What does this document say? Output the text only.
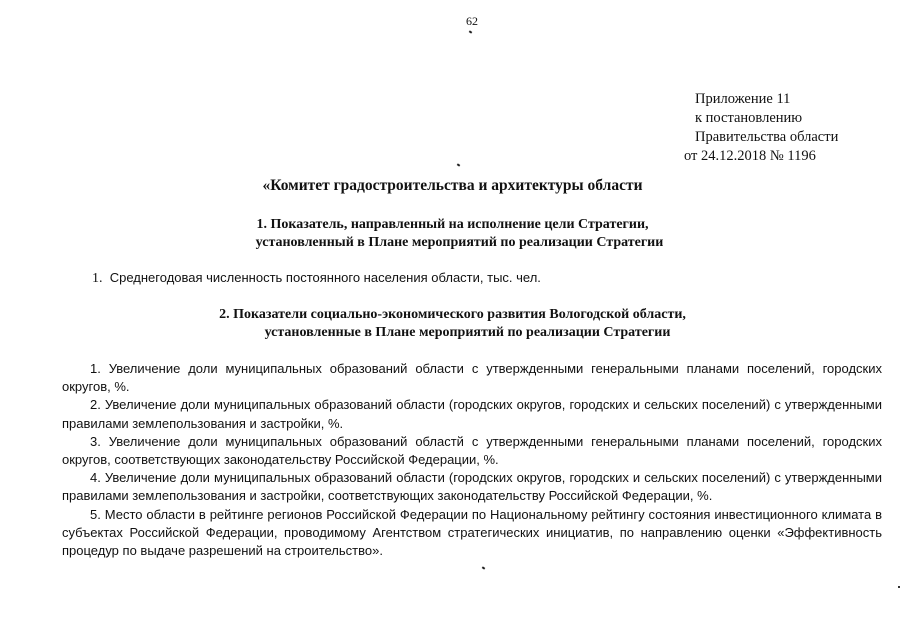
62
Приложение 11
к постановлению
Правительства области
от 24.12.2018 № 1196
«Комитет градостроительства и архитектуры области
1. Показатель, направленный на исполнение цели Стратегии,
установленный в Плане мероприятий по реализации Стратегии
1. Среднегодовая численность постоянного населения области, тыс. чел.
2. Показатели социально-экономического развития Вологодской области,
установленные в Плане мероприятий по реализации Стратегии

1. Увеличение доли муниципальных образований области с утвержденными генеральными планами поселений, городских округов, %.

2. Увеличение доли муниципальных образований области (городских округов, городских и сельских поселений) с утвержденными правилами землепользования и застройки, %.

3. Увеличение доли муниципальных образований областй с утвержденными генеральными планами поселений, городских округов, соответствующих законодательству Российской Федерации, %.

4. Увеличение доли муниципальных образований области (городских округов, городских и сельских поселений) с утвержденными правилами землепользования и застройки, соответствующих законодательству Российской Федерации, %.

5. Место области в рейтинге регионов Российской Федерации по Национальному рейтингу состояния инвестиционного климата в субъектах Российской Федерации, проводимому Агентством стратегических инициатив, по направлению оценки «Эффективность процедур по выдаче разрешений на строительство».
